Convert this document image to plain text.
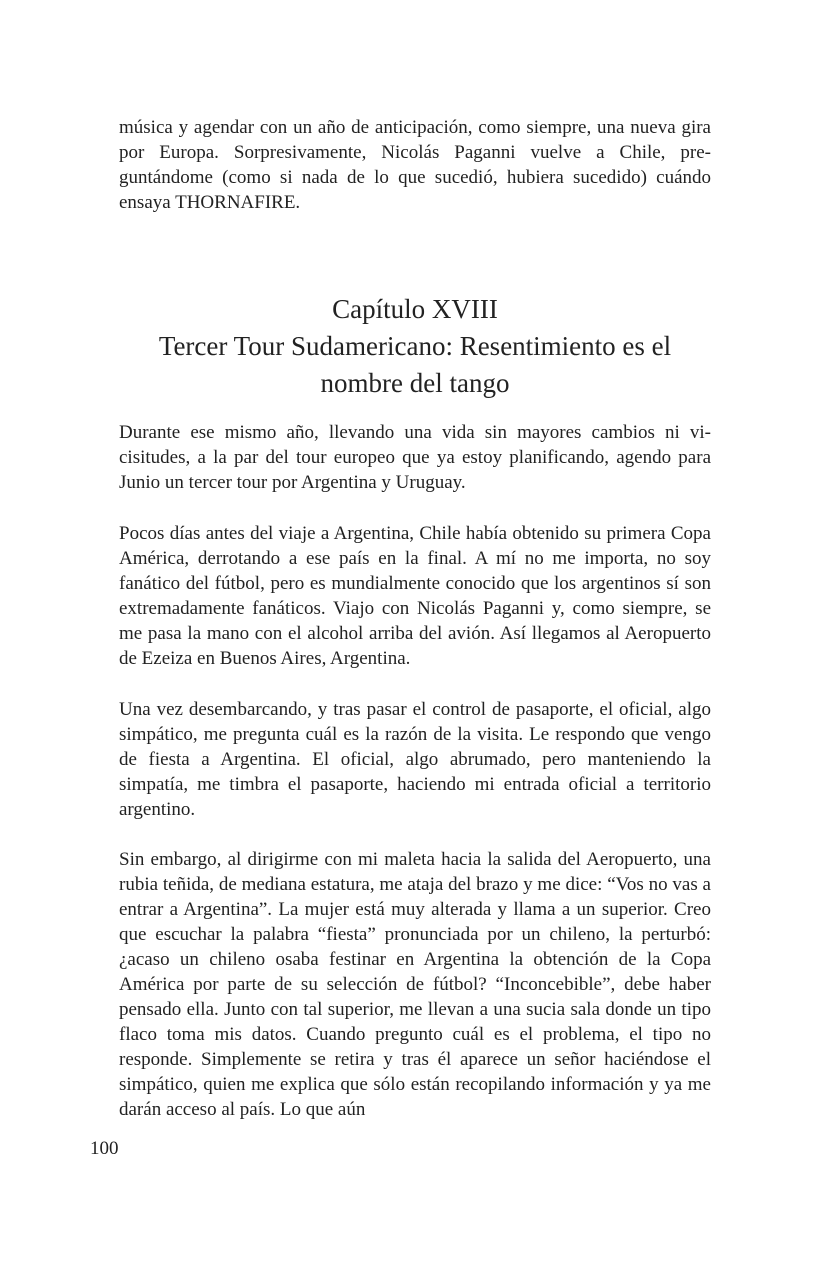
música y agendar con un año de anticipación, como siempre, una nueva gira por Europa. Sorpresivamente, Nicolás Paganni vuelve a Chile, preguntándome (como si nada de lo que sucedió, hubiera sucedido) cuándo ensaya THORNAFIRE.

Capítulo XVIII
Tercer Tour Sudamericano: Resentimiento es el
nombre del tango

Durante ese mismo año, llevando una vida sin mayores cambios ni vicisitudes, a la par del tour europeo que ya estoy planificando, agendo para Junio un tercer tour por Argentina y Uruguay.

Pocos días antes del viaje a Argentina, Chile había obtenido su primera Copa América, derrotando a ese país en la final. A mí no me importa, no soy fanático del fútbol, pero es mundialmente conocido que los argentinos sí son extremadamente fanáticos. Viajo con Nicolás Paganni y, como siempre, se me pasa la mano con el alcohol arriba del avión. Así llegamos al Aeropuerto de Ezeiza en Buenos Aires, Argentina.

Una vez desembarcando, y tras pasar el control de pasaporte, el oficial, algo simpático, me pregunta cuál es la razón de la visita. Le respondo que vengo de fiesta a Argentina. El oficial, algo abrumado, pero manteniendo la simpatía, me timbra el pasaporte, haciendo mi entrada oficial a territorio argentino.

Sin embargo, al dirigirme con mi maleta hacia la salida del Aeropuerto, una rubia teñida, de mediana estatura, me ataja del brazo y me dice: “Vos no vas a entrar a Argentina”. La mujer está muy alterada y llama a un superior. Creo que escuchar la palabra “fiesta” pronunciada por un chileno, la perturbó: ¿acaso un chileno osaba festinar en Argentina la obtención de la Copa América por parte de su selección de fútbol? “Inconcebible”, debe haber pensado ella. Junto con tal superior, me llevan a una sucia sala donde un tipo flaco toma mis datos. Cuando pregunto cuál es el problema, el tipo no responde. Simplemente se retira y tras él aparece un señor haciéndose el simpático, quien me explica que sólo están recopilando información y ya me darán acceso al país. Lo que aún

100
